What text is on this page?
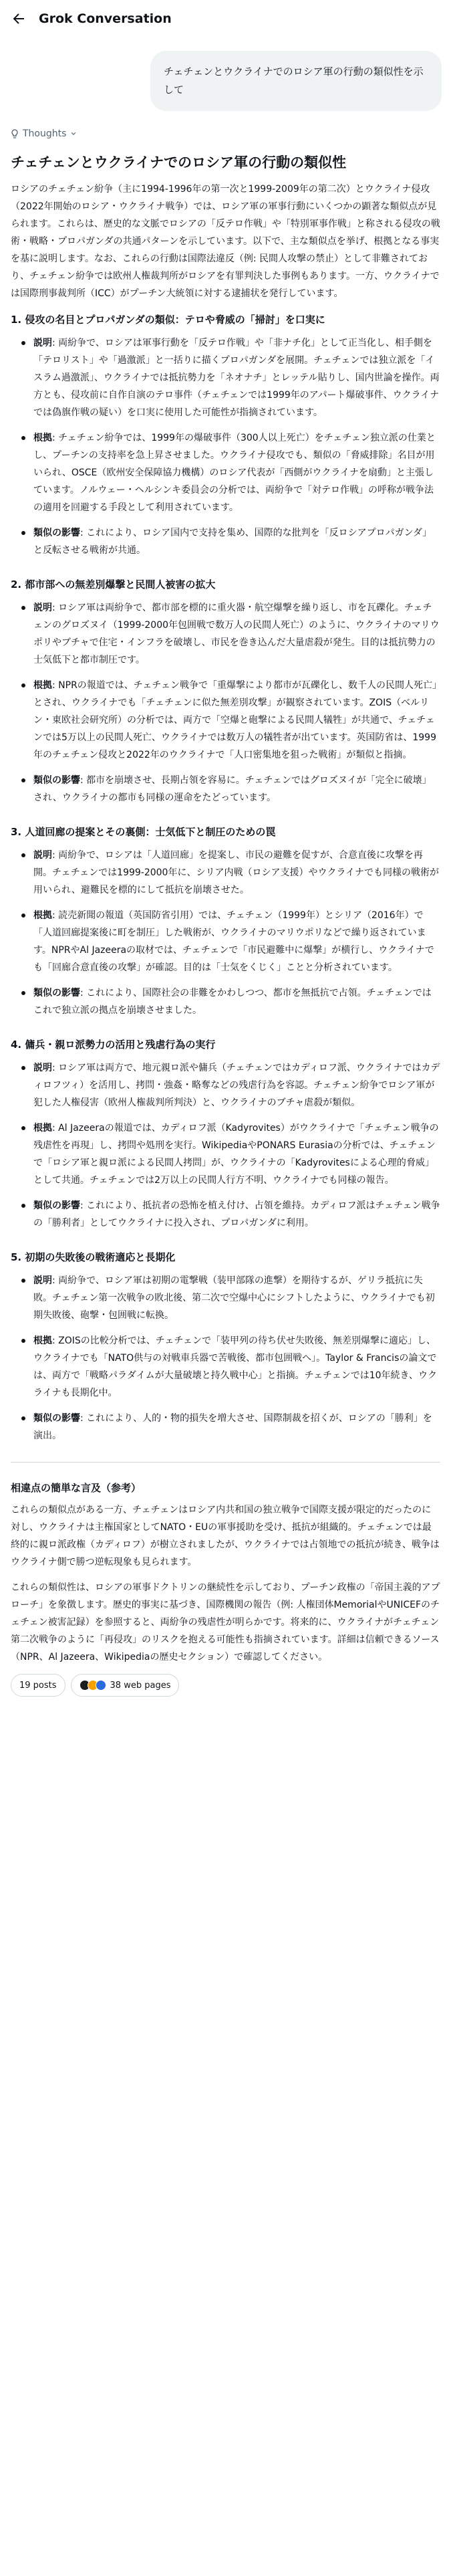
Grok Conversation
チェチェンとウクライナでのロシア軍の行動の類似性を示して
Thoughts
チェチェンとウクライナでのロシア軍の行動の類似性

ロシアのチェチェン紛争（主に1994-1996年の第一次と1999-2009年の第二次）とウクライナ侵攻（2022年開始のロシア・ウクライナ戦争）では、ロシア軍の軍事行動にいくつかの顕著な類似点が見られます。これらは、歴史的な文脈でロシアの「反テロ作戦」や「特別軍事作戦」と称される侵攻の戦術・戦略・プロパガンダの共通パターンを示しています。以下で、主な類似点を挙げ、根拠となる事実を基に説明します。なお、これらの行動は国際法違反（例: 民間人攻撃の禁止）として非難されており、チェチェン紛争では欧州人権裁判所がロシアを有罪判決した事例もあります。一方、ウクライナでは国際刑事裁判所（ICC）がプーチン大統領に対する逮捕状を発行しています。

1. 侵攻の名目とプロパガンダの類似：テロや脅威の「掃討」を口実に
説明: 両紛争で、ロシアは軍事行動を「反テロ作戦」や「非ナチ化」として正当化し、相手側を「テロリスト」や「過激派」と一括りに描くプロパガンダを展開。チェチェンでは独立派を「イスラム過激派」、ウクライナでは抵抗勢力を「ネオナチ」とレッテル貼りし、国内世論を操作。両方とも、侵攻前に自作自演のテロ事件（チェチェンでは1999年のアパート爆破事件、ウクライナでは偽旗作戦の疑い）を口実に使用した可能性が指摘されています。
根拠: チェチェン紛争では、1999年の爆破事件（300人以上死亡）をチェチェン独立派の仕業とし、プーチンの支持率を急上昇させました。ウクライナ侵攻でも、類似の「脅威排除」名目が用いられ、OSCE（欧州安全保障協力機構）のロシア代表が「西側がウクライナを扇動」と主張しています。ノルウェー・ヘルシンキ委員会の分析では、両紛争で「対テロ作戦」の呼称が戦争法の適用を回避する手段として利用されています。
類似の影響: これにより、ロシア国内で支持を集め、国際的な批判を「反ロシアプロパガンダ」と反転させる戦術が共通。
2. 都市部への無差別爆撃と民間人被害の拡大
説明: ロシア軍は両紛争で、都市部を標的に重火器・航空爆撃を繰り返し、市を瓦礫化。チェチェンのグロズヌイ（1999-2000年包囲戦で数万人の民間人死亡）のように、ウクライナのマリウポリやブチャで住宅・インフラを破壊し、市民を巻き込んだ大量虐殺が発生。目的は抵抗勢力の士気低下と都市制圧です。
根拠: NPRの報道では、チェチェン戦争で「重爆撃により都市が瓦礫化し、数千人の民間人死亡」とされ、ウクライナでも「チェチェンに似た無差別攻撃」が観察されています。ZOIS（ベルリン・東欧社会研究所）の分析では、両方で「空爆と砲撃による民間人犠牲」が共通で、チェチェンでは5万以上の民間人死亡、ウクライナでは数万人の犠牲者が出ています。英国防省は、1999年のチェチェン侵攻と2022年のウクライナで「人口密集地を狙った戦術」が類似と指摘。
類似の影響: 都市を崩壊させ、長期占領を容易に。チェチェンではグロズヌイが「完全に破壊」され、ウクライナの都市も同様の運命をたどっています。
3. 人道回廊の提案とその裏側：士気低下と制圧のための罠
説明: 両紛争で、ロシアは「人道回廊」を提案し、市民の避難を促すが、合意直後に攻撃を再開。チェチェンでは1999-2000年に、シリア内戦（ロシア支援）やウクライナでも同様の戦術が用いられ、避難民を標的にして抵抗を崩壊させた。
根拠: 読売新聞の報道（英国防省引用）では、チェチェン（1999年）とシリア（2016年）で「人道回廊提案後に町を制圧」した戦術が、ウクライナのマリウポリなどで繰り返されています。NPRやAl Jazeeraの取材では、チェチェンで「市民避難中に爆撃」が横行し、ウクライナでも「回廊合意直後の攻撃」が確認。目的は「士気をくじく」ことと分析されています。
類似の影響: これにより、国際社会の非難をかわしつつ、都市を無抵抗で占領。チェチェンではこれで独立派の拠点を崩壊させました。
4. 傭兵・親ロ派勢力の活用と残虐行為の実行
説明: ロシア軍は両方で、地元親ロ派や傭兵（チェチェンではカディロフ派、ウクライナではカディロフツィ）を活用し、拷問・強姦・略奪などの残虐行為を容認。チェチェン紛争でロシア軍が犯した人権侵害（欧州人権裁判所判決）と、ウクライナのブチャ虐殺が類似。
根拠: Al Jazeeraの報道では、カディロフ派（Kadyrovites）がウクライナで「チェチェン戦争の残虐性を再現」し、拷問や処刑を実行。WikipediaやPONARS Eurasiaの分析では、チェチェンで「ロシア軍と親ロ派による民間人拷問」が、ウクライナの「Kadyrovitesによる心理的脅威」として共通。チェチェンでは2万以上の民間人行方不明、ウクライナでも同様の報告。
類似の影響: これにより、抵抗者の恐怖を植え付け、占領を維持。カディロフ派はチェチェン戦争の「勝利者」としてウクライナに投入され、プロパガンダに利用。
5. 初期の失敗後の戦術適応と長期化
説明: 両紛争で、ロシア軍は初期の電撃戦（装甲部隊の進撃）を期待するが、ゲリラ抵抗に失敗。チェチェン第一次戦争の敗北後、第二次で空爆中心にシフトしたように、ウクライナでも初期失敗後、砲撃・包囲戦に転換。
根拠: ZOISの比較分析では、チェチェンで「装甲列の待ち伏せ失敗後、無差別爆撃に適応」し、ウクライナでも「NATO供与の対戦車兵器で苦戦後、都市包囲戦へ」。Taylor & Francisの論文では、両方で「戦略パラダイムが大量破壊と持久戦中心」と指摘。チェチェンでは10年続き、ウクライナも長期化中。
類似の影響: これにより、人的・物的損失を増大させ、国際制裁を招くが、ロシアの「勝利」を演出。
相違点の簡単な言及（参考）

これらの類似点がある一方、チェチェンはロシア内共和国の独立戦争で国際支援が限定的だったのに対し、ウクライナは主権国家としてNATO・EUの軍事援助を受け、抵抗が組織的。チェチェンでは最終的に親ロ派政権（カディロフ）が樹立されましたが、ウクライナでは占領地での抵抗が続き、戦争はウクライナ側で勝つ逆転現象も見られます。

これらの類似性は、ロシアの軍事ドクトリンの継続性を示しており、プーチン政権の「帝国主義的アプローチ」を象徴します。歴史的事実に基づき、国際機関の報告（例: 人権団体MemorialやUNICEFのチェチェン被害記録）を参照すると、両紛争の残虐性が明らかです。将来的に、ウクライナがチェチェン第二次戦争のように「再侵攻」のリスクを抱える可能性も指摘されています。詳細は信頼できるソース（NPR、Al Jazeera、Wikipediaの歴史セクション）で確認してください。

19 posts	38 web pages
